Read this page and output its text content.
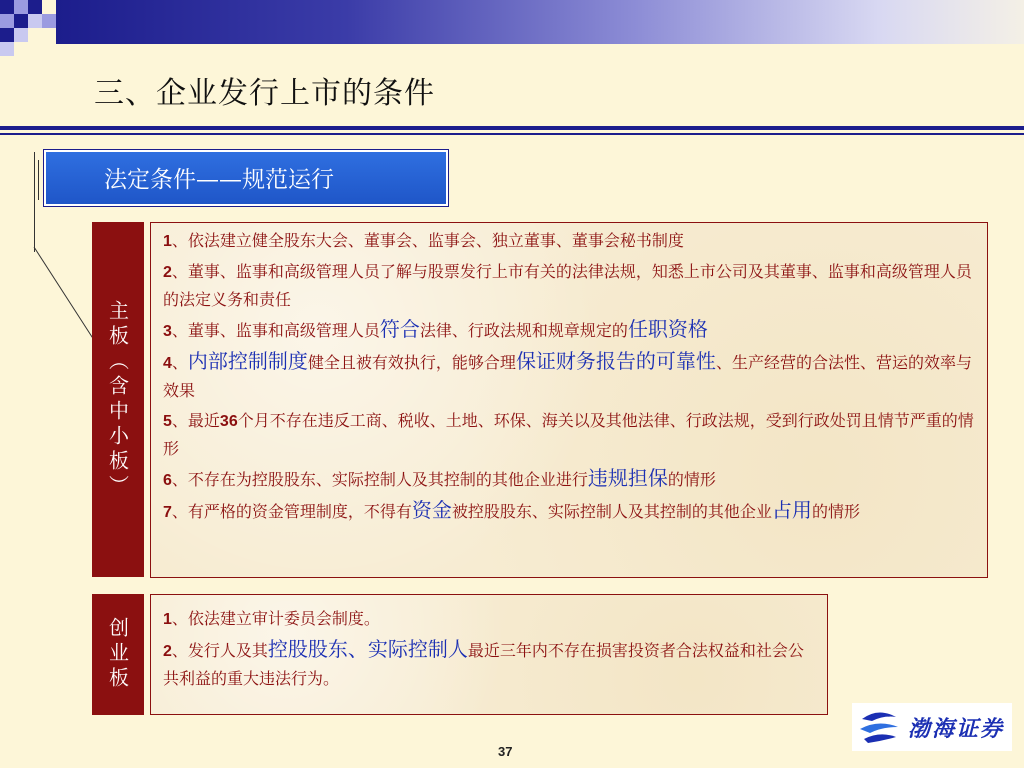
三、企业发行上市的条件
法定条件——规范运行
主板（含中小板）

1、依法建立健全股东大会、董事会、监事会、独立董事、董事会秘书制度

2、董事、监事和高级管理人员了解与股票发行上市有关的法律法规，知悉上市公司及其董事、监事和高级管理人员的法定义务和责任

3、董事、监事和高级管理人员符合法律、行政法规和规章规定的任职资格

4、内部控制制度健全且被有效执行，能够合理保证财务报告的可靠性、生产经营的合法性、营运的效率与效果

5、最近36个月不存在违反工商、税收、土地、环保、海关以及其他法律、行政法规，受到行政处罚且情节严重的情形

6、不存在为控股股东、实际控制人及其控制的其他企业进行违规担保的情形

7、有严格的资金管理制度，不得有资金被控股股东、实际控制人及其控制的其他企业占用的情形

创业板	1、依法建立审计委员会制度。

2、发行人及其控股股东、实际控制人最近三年内不存在损害投资者合法权益和社会公共利益的重大违法行为。

37
渤海证券
